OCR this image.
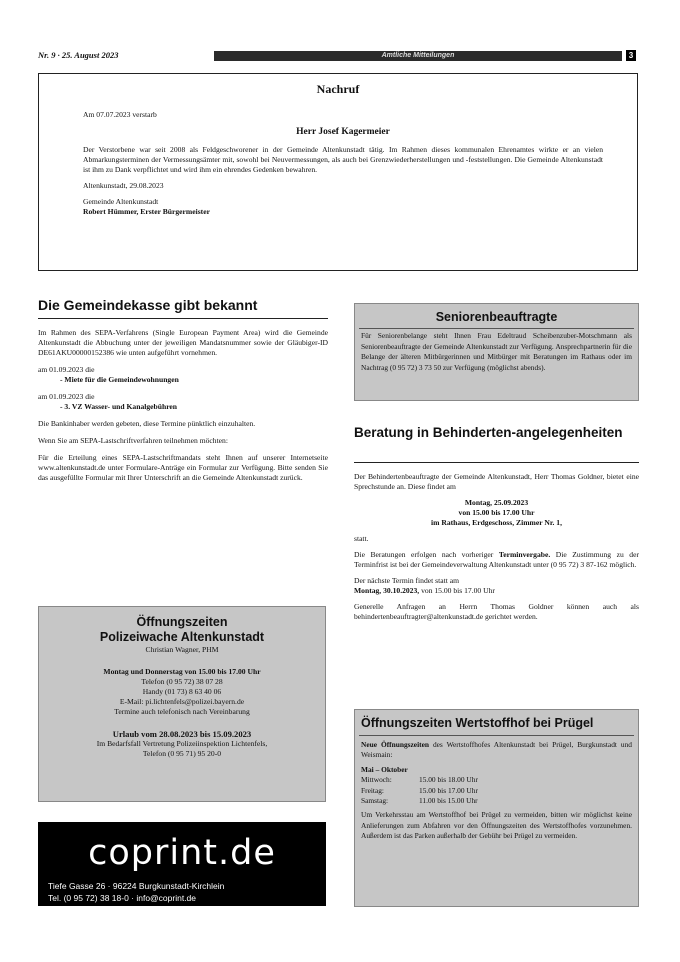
Nr. 9 · 25. August 2023	Amtliche Mitteilungen	3
Nachruf

Am 07.07.2023 verstarb

Herr Josef Kagermeier

Der Verstorbene war seit 2008 als Feldgeschworener in der Gemeinde Altenkunstadt tätig. Im Rahmen dieses kommunalen Ehrenamtes wirkte er an vielen Abmarkungsterminen der Vermessungsämter mit, sowohl bei Neuvermessungen, als auch bei Grenzwiederherstellungen und -feststellungen. Die Gemeinde Altenkunstadt ist ihm zu Dank verpflichtet und wird ihm ein ehrendes Gedenken bewahren.

Altenkunstadt, 29.08.2023

Gemeinde Altenkunstadt

Robert Hümmer, Erster Bürgermeister

Die Gemeindekasse gibt bekannt

Im Rahmen des SEPA-Verfahrens (Single European Payment Area) wird die Gemeinde Altenkunstadt die Abbuchung unter der jeweiligen Mandatsnummer sowie der Gläubiger-ID DE61AKU00000152386 wie unten aufgeführt vornehmen.

am 01.09.2023 die
- Miete für die Gemeindewohnungen

am 01.09.2023 die
- 3. VZ Wasser- und Kanalgebühren

Die Bankinhaber werden gebeten, diese Termine pünktlich einzuhalten.

Wenn Sie am SEPA-Lastschriftverfahren teilnehmen möchten:

Für die Erteilung eines SEPA-Lastschriftmandats steht Ihnen auf unserer Internetseite www.altenkunstadt.de unter Formulare-Anträge ein Formular zur Verfügung. Bitte senden Sie das ausgefüllte Formular mit Ihrer Unterschrift an die Gemeinde Altenkunstadt zurück.

Öffnungszeiten
Polizeiwache Altenkunstadt
Christian Wagner, PHM
Montag und Donnerstag von 15.00 bis 17.00 Uhr
Telefon (0 95 72) 38 07 28
Handy (01 73) 8 63 40 06
E-Mail: pi.lichtenfels@polizei.bayern.de
Termine auch telefonisch nach Vereinbarung
Urlaub vom 28.08.2023 bis 15.09.2023
Im Bedarfsfall Vertretung Polizeiinspektion Lichtenfels,
Telefon (0 95 71) 95 20-0
coprint.de
Tiefe Gasse 26 · 96224 Burgkunstadt-Kirchlein
Tel. (0 95 72) 38 18-0 · info@coprint.de
Seniorenbeauftragte
Für Seniorenbelange steht Ihnen Frau Edeltraud Scheibenzuber-Motschmann als Seniorenbeauftragte der Gemeinde Altenkunstadt zur Verfügung. Ansprechpartnerin für die Belange der älteren Mitbürgerinnen und Mitbürger mit Beratungen im Rathaus oder im Nachtrag (0 95 72) 3 73 50 zur Verfügung (möglichst abends).
Beratung in Behinderten-angelegenheiten

Der Behindertenbeauftragte der Gemeinde Altenkunstadt, Herr Thomas Goldner, bietet eine Sprechstunde an. Diese findet am

Montag, 25.09.2023
von 15.00 bis 17.00 Uhr
im Rathaus, Erdgeschoss, Zimmer Nr. 1,

statt.

Die Beratungen erfolgen nach vorheriger Terminvergabe. Die Zustimmung zu der Terminfrist ist bei der Gemeindeverwaltung Altenkunstadt unter (0 95 72) 3 87-162 möglich.

Der nächste Termin findet statt am
Montag, 30.10.2023, von 15.00 bis 17.00 Uhr

Generelle Anfragen an Herrn Thomas Goldner können auch als behindertenbeauftragter@altenkunstadt.de gerichtet werden.

Öffnungszeiten Wertstoffhof bei Prügel

Neue Öffnungszeiten des Wertstoffhofes Altenkunstadt bei Prügel, Burgkunstadt und Weismain:

Mai – Oktober
Mittwoch:	15.00 bis 18.00 Uhr
Freitag:	15.00 bis 17.00 Uhr
Samstag:	11.00 bis 15.00 Uhr

Um Verkehrsstau am Wertstoffhof bei Prügel zu vermeiden, bitten wir möglichst keine Anlieferungen zum Abfahren vor den Öffnungszeiten des Wertstoffhofes vorzunehmen. Außerdem ist das Parken außerhalb der Gebühr bei Prügel zu vermeiden.
